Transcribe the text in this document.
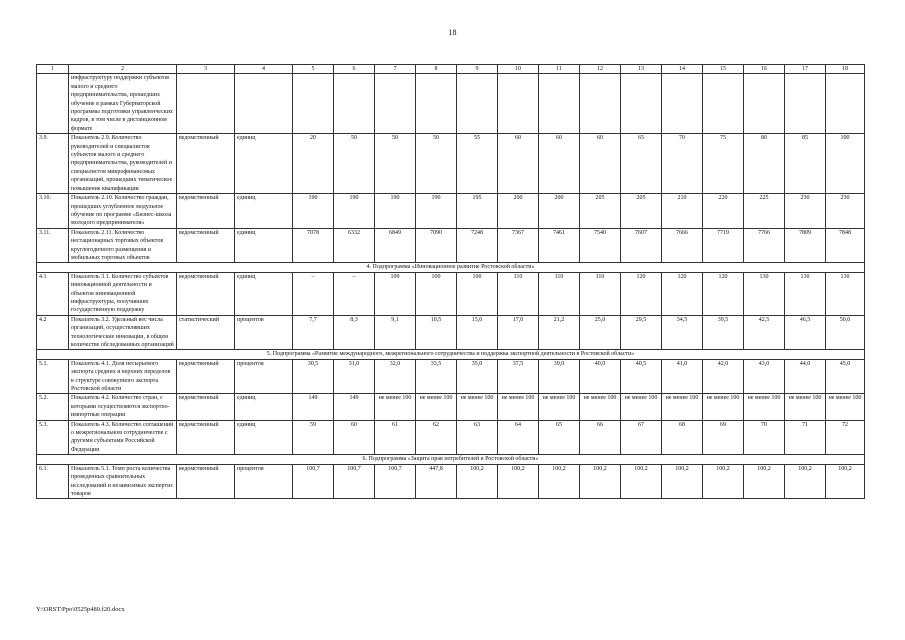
18
1	2	3	4	5	6	7	8	9	10	11	12	13	14	15	16	17	18
	инфраструктуру поддержки субъектов малого и среднего предпринимательства, прошедших обучение в рамках Губернаторской программы подготовки управленческих кадров, в том числе в дистанционном формате																
3.9.	Показатель 2.9. Количество руководителей и специалистов субъектов малого и среднего предпринимательства, руководителей и специалистов микрофинансовых организаций, прошедших тематическое повышение квалификации	ведомственный	единиц	20	50	50	50	55	60	60	60	65	70	75	80	85	100
3.10.	Показатель 2.10. Количество граждан, прошедших углубленное модульное обучение по программе «Бизнес-школа молодого предпринимателя»	ведомственный	единиц	190	190	190	190	195	200	200	205	205	210	220	225	230	230
3.11.	Показатель 2.11. Количество нестационарных торговых объектов круглогодичного размещения и мобильных торговых объектов	ведомственный	единиц	7078	6332	6849	7090	7248	7367	7461	7540	7607	7666	7719	7766	7809	7848
4. Подпрограмма «Инновационное развитие Ростовской области»																	
4.1	Показатель 3.1. Количество субъектов инновационной деятельности и объектов инновационной инфраструктуры, получивших государственную поддержку	ведомственный	единиц	–	–	109	100	100	110	110	110	120	120	120	130	130	130
4.2	Показатель 3.2. Удельный вес числа организаций, осуществлявших технологические инновации, в общем количестве обследованных организаций	статистический	процентов	7,7	8,3	9,1	10,5	15,0	17,0	21,2	25,0	29,5	34,5	39,5	42,5	46,5	50,0
5. Подпрограмма «Развитие международного, межрегионального сотрудничества и поддержка экспортной деятельности в Ростовской области»																	
5.1.	Показатель 4.1. Доля несырьевого экспорта средних и верхних переделов в структуре совокупного экспорта Ростовской области	ведомственный	процентов	30,5	31,0	32,0	33,5	35,0	37,5	39,0	40,0	40,5	41,0	42,0	43,0	44,0	45,0
5.2.	Показатель 4.2. Количество стран, с которыми осуществляются экспортно-импортные операции	ведомственный	единиц	149	149	не менее 100	не менее 100	не менее 100	не менее 100	не менее 100	не менее 100	не менее 100	не менее 100	не менее 100	не менее 100	не менее 100	не менее 100
5.3.	Показатель 4.3. Количество соглашений о межрегиональном сотрудничестве с другими субъектами Российской Федерации	ведомственный	единиц	59	60	61	62	63	64	65	66	67	68	69	70	71	72
6. Подпрограмма «Защита прав потребителей в Ростовской области»																	
6.1.	Показатель 5.1. Темп роста количества проведенных сравнительных исследований и независимых экспертиз товаров	ведомственный	процентов	100,7	100,7	100,7	447,8	100,2	100,2	100,2	100,2	100,2	100,2	100,2	100,2	100,2	100,2
Y:\ORST\Ppo\0525p480.f20.docx
